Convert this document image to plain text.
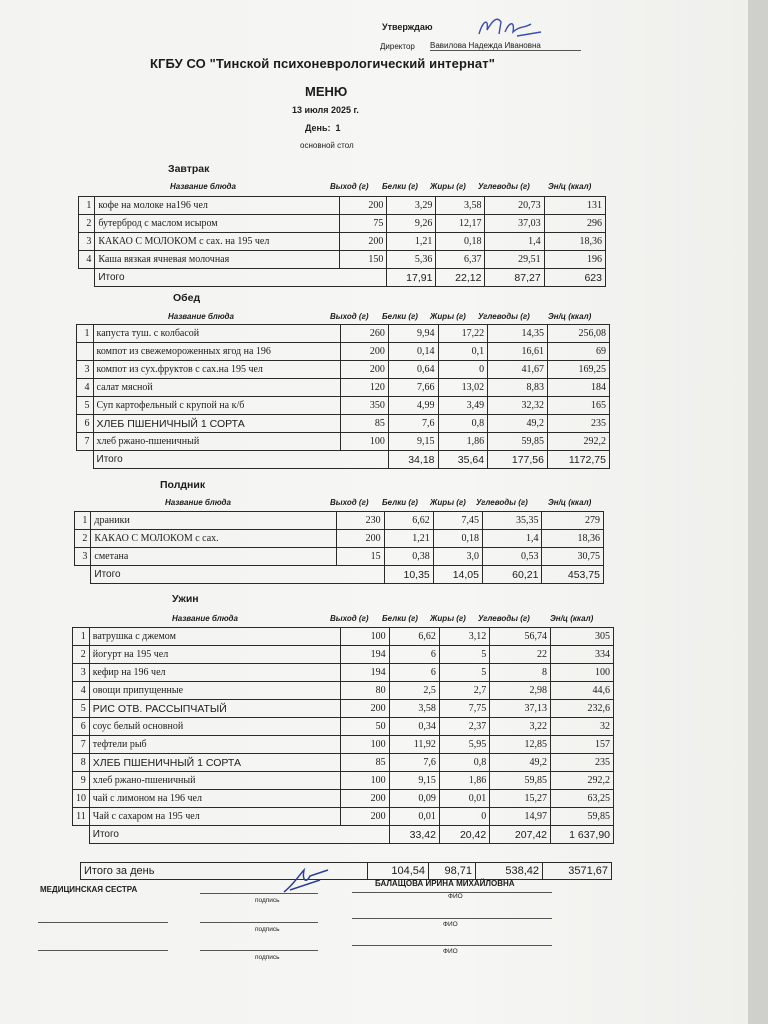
Утверждаю
Директор Вавилова Надежда Ивановна
КГБУ СО "Тинской психоневрологический интернат"
МЕНЮ
13 июля 2025 г.
День: 1
основной стол
Завтрак
Обед
Полдник
Ужин
Название блюда	Выход (г) Белки (г) Жиры (г) Углеводы (г) Эн/ц (ккал)
Название блюда	Выход (г) Белки (г) Жиры (г) Углеводы (г) Эн/ц (ккал)
Название блюда	Выход (г) Белки (г) Жиры (г) Углеводы (г)	Эн/ц (ккал)
Название блюда	Выход (г) Белки (г) Жиры (г) Углеводы (г)	Эн/ц (ккал)
1	кофе на молоке на196 чел	200	3,29	3,58	20,73	131
2	бутерброд с маслом исыром	75	9,26	12,17	37,03	296
3	КАКАО С МОЛОКОМ с сах. на 195 чел	200	1,21	0,18	1,4	18,36
4	Каша вязкая ячневая молочная	150	5,36	6,37	29,51	196
	Итого		17,91	22,12	87,27	623
1	капуста туш. с колбасой	260	9,94	17,22	14,35	256,08
	компот из свежемороженных ягод на 196	200	0,14	0,1	16,61	69
3	компот из сух.фруктов с сах.на 195 чел	200	0,64	0	41,67	169,25
4	салат мясной	120	7,66	13,02	8,83	184
5	Суп картофельный с крупой на к/б	350	4,99	3,49	32,32	165
6	ХЛЕБ ПШЕНИЧНЫЙ 1 СОРТА	85	7,6	0,8	49,2	235
7	хлеб ржано-пшеничный	100	9,15	1,86	59,85	292,2
	Итого		34,18	35,64	177,56	1172,75
1	драники	230	6,62	7,45	35,35	279
2	КАКАО С МОЛОКОМ с сах.	200	1,21	0,18	1,4	18,36
3	сметана	15	0,38	3,0	0,53	30,75
	Итого		10,35	14,05	60,21	453,75
1	ватрушка с джемом	100	6,62	3,12	56,74	305
2	йогурт на 195 чел	194	6	5	22	334
3	кефир на 196 чел	194	6	5	8	100
4	овощи припущенные	80	2,5	2,7	2,98	44,6
5	РИС ОТВ. РАССЫПЧАТЫЙ	200	3,58	7,75	37,13	232,6
6	соус белый основной	50	0,34	2,37	3,22	32
7	тефтели рыб	100	11,92	5,95	12,85	157
8	ХЛЕБ ПШЕНИЧНЫЙ 1 СОРТА	85	7,6	0,8	49,2	235
9	хлеб ржано-пшеничный	100	9,15	1,86	59,85	292,2
10	чай с лимоном на 196 чел	200	0,09	0,01	15,27	63,25
11	Чай с сахаром на 195 чел	200	0,01	0	14,97	59,85
	Итого		33,42	20,42	207,42	1 637,90
Итого за день	104,54	98,71	538,42	3571,67
МЕДИЦИНСКАЯ СЕСТРА
БАЛАЩОВА ИРИНА МИХАЙЛОВНА
подпись
ФИО
подпись
ФИО
подпись
ФИО
